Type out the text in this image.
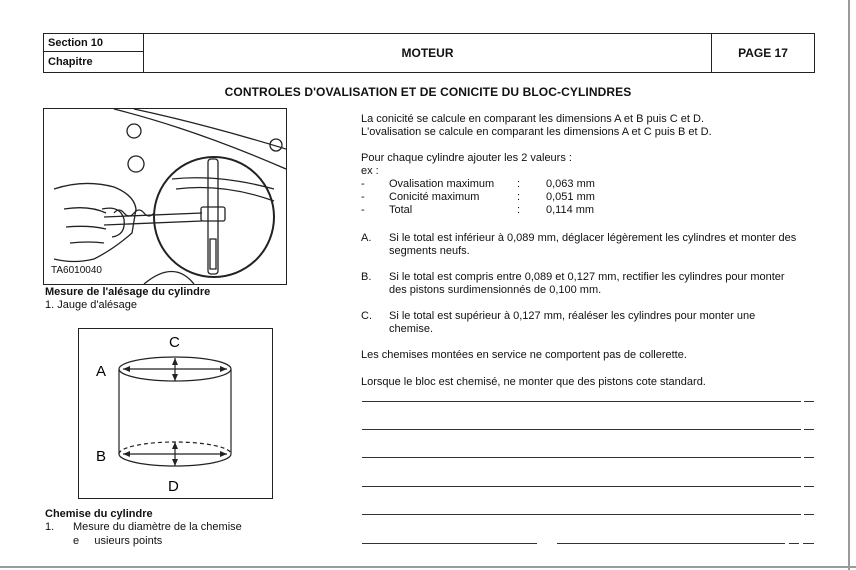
Section 10
Chapitre
MOTEUR	PAGE 17
CONTROLES D'OVALISATION ET DE CONICITE DU BLOC-CYLINDRES
TA6010040
Mesure de l'alésage du cylindre
1. Jauge d'alésage
C
A
B
D
Chemise du cylindre
1. Mesure du diamètre de la chemise
e     usieurs points
La conicité se calcule en comparant les dimensions A et B puis C et D.
L'ovalisation se calcule en comparant les dimensions A et C puis B et D.
Pour chaque cylindre ajouter les 2 valeurs :
ex :
- Ovalisation maximum : 0,063 mm
- Conicité maximum	: 0,051 mm
- Total	: 0,114 mm
A. Si le total est inférieur à 0,089 mm, déglacer légèrement les cylindres et monter des
segments neufs.
B. Si le total est compris entre 0,089 et 0,127 mm, rectifier les cylindres pour monter
des pistons surdimensionnés de 0,100 mm.
C. Si le total est supérieur à 0,127 mm, réaléser les cylindres pour monter une
chemise.
Les chemises montées en service ne comportent pas de collerette.
Lorsque le bloc est chemisé, ne monter que des pistons cote standard.
